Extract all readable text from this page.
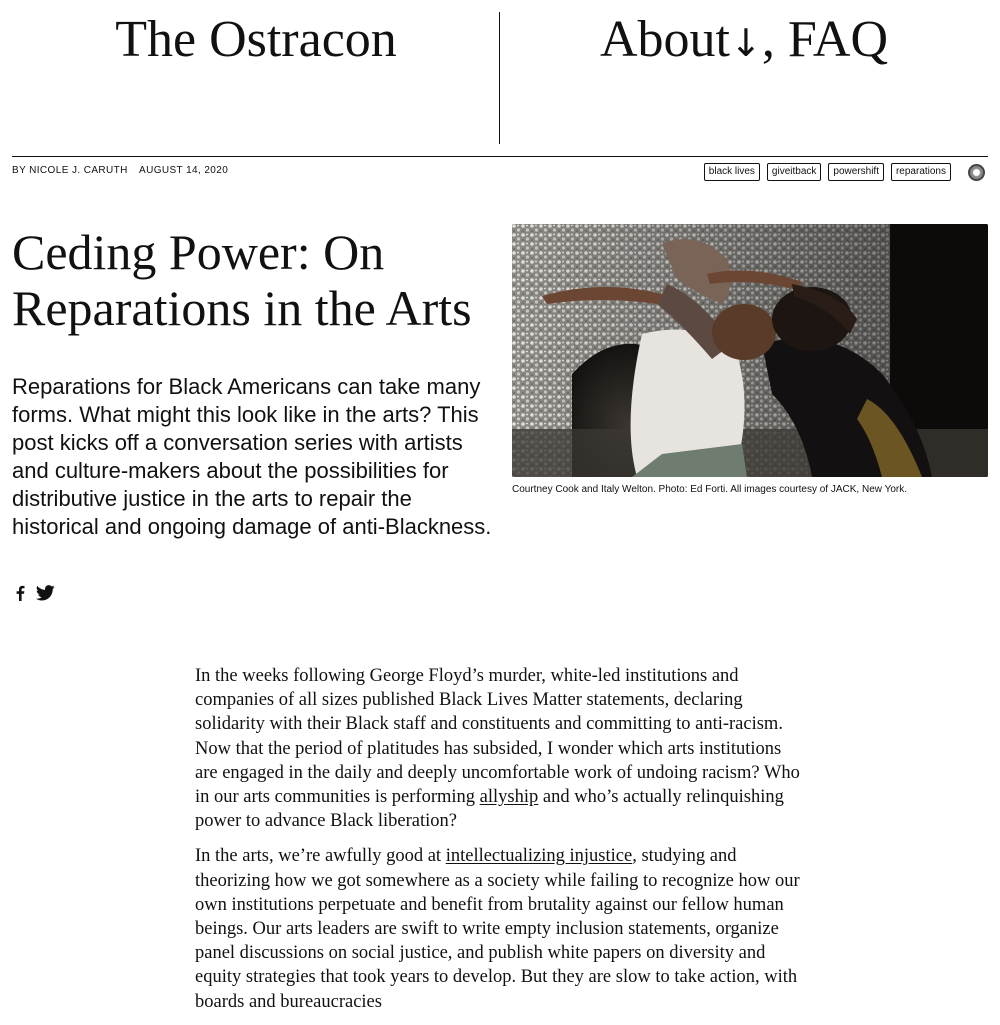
The Ostracon	About↓, FAQ
BY NICOLE J. CARUTH AUGUST 14, 2020	black lives	giveitback	powershift	reparations
Ceding Power: On Reparations in the Arts

Reparations for Black Americans can take many forms. What might this look like in the arts? This post kicks off a conversation series with artists and culture-makers about the possibilities for distributive justice in the arts to repair the historical and ongoing damage of anti-Blackness.

Courtney Cook and Italy Welton. Photo: Ed Forti. All images courtesy of JACK, New York.

In the weeks following George Floyd’s murder, white-led institutions and companies of all sizes published Black Lives Matter statements, declaring solidarity with their Black staff and constituents and committing to anti-racism. Now that the period of platitudes has subsided, I wonder which arts institutions are engaged in the daily and deeply uncomfortable work of undoing racism? Who in our arts communities is performing allyship and who’s actually relinquishing power to advance Black liberation?

In the arts, we’re awfully good at intellectualizing injustice, studying and theorizing how we got somewhere as a society while failing to recognize how our own institutions perpetuate and benefit from brutality against our fellow human beings. Our arts leaders are swift to write empty inclusion statements, organize panel discussions on social justice, and publish white papers on diversity and equity strategies that took years to develop. But they are slow to take action, with boards and bureaucracies
